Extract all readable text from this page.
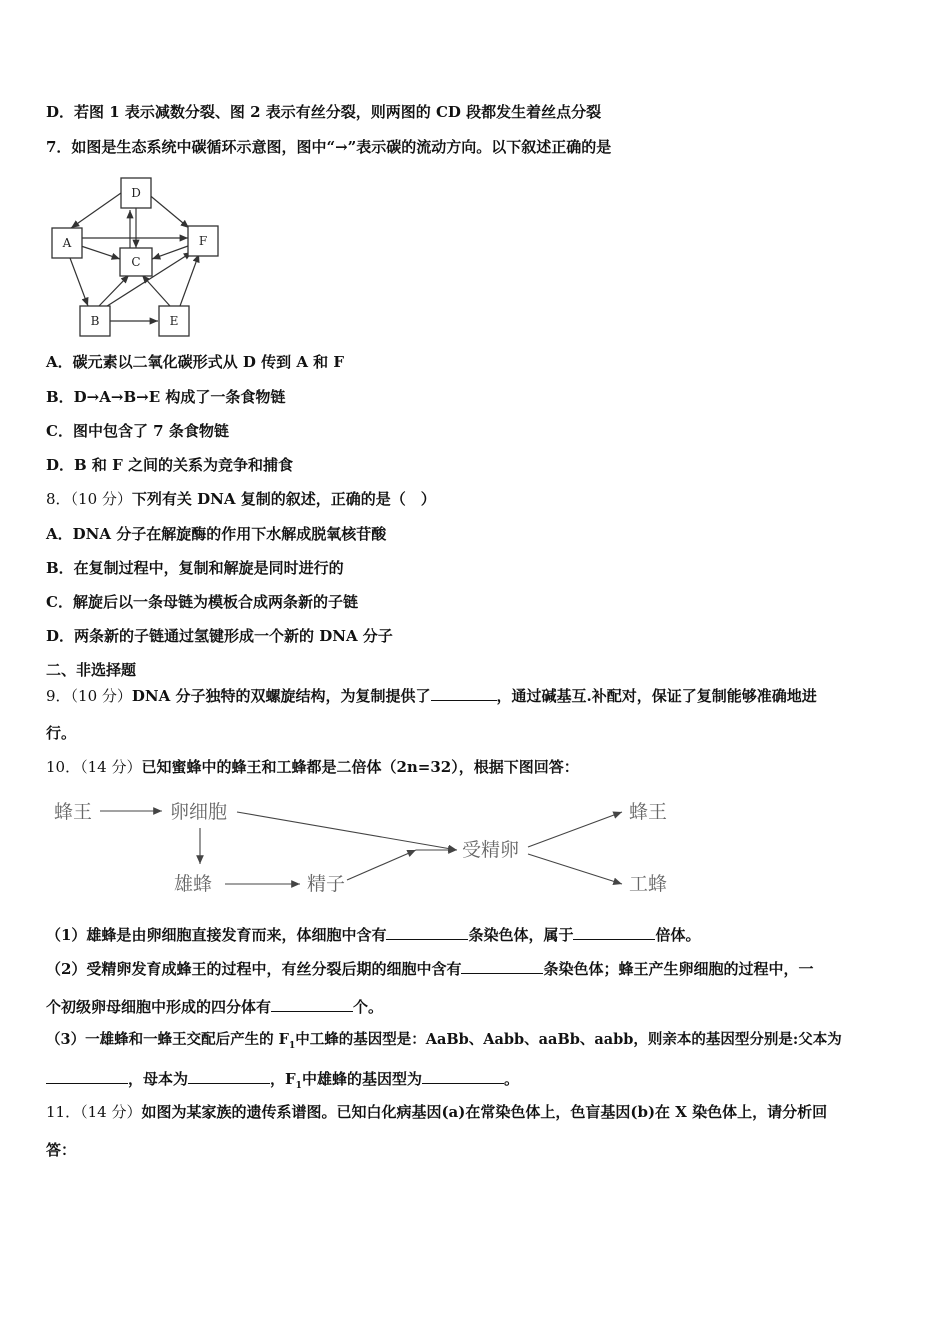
D．若图 1 表示减数分裂、图 2 表示有丝分裂，则两图的 CD 段都发生着丝点分裂
7．如图是生态系统中碳循环示意图，图中“→”表示碳的流动方向。以下叙述正确的是
D
A
C
F
B	E
A．碳元素以二氧化碳形式从 D 传到 A 和 F
B．D→A→B→E 构成了一条食物链
C．图中包含了 7 条食物链
D．B 和 F 之间的关系为竞争和捕食
8．（10 分）下列有关 DNA 复制的叙述，正确的是（　）
A．DNA 分子在解旋酶的作用下水解成脱氧核苷酸
B．在复制过程中，复制和解旋是同时进行的
C．解旋后以一条母链为模板合成两条新的子链
D．两条新的子链通过氢键形成一个新的 DNA 分子
二、非选择题
9．（10 分）DNA 分子独特的双螺旋结构，为复制提供了	，通过碱基互.补配对，保证了复制能够准确地进
行。
10．（14 分）已知蜜蜂中的蜂王和工蜂都是二倍体（2n=32），根据下图回答：
蜂王	卵细胞
雄蜂	精子
受精卵
蜂王
工蜂
（1）雄蜂是由卵细胞直接发育而来，体细胞中含有	条染色体，属于	倍体。
（2）受精卵发育成蜂王的过程中，有丝分裂后期的细胞中含有	条染色体；蜂王产生卵细胞的过程中，一
个初级卵母细胞中形成的四分体有	个。
（3）一雄蜂和一蜂王交配后产生的 $F_1$中工蜂的基因型是：AaBb、Aabb、aaBb、aabb，则亲本的基因型分别是:父本为
，母本为	，$F_1$中雄蜂的基因型为	。
11．（14 分）如图为某家族的遗传系谱图。已知白化病基因(a)在常染色体上，色盲基因(b)在 X 染色体上，请分析回
答：
